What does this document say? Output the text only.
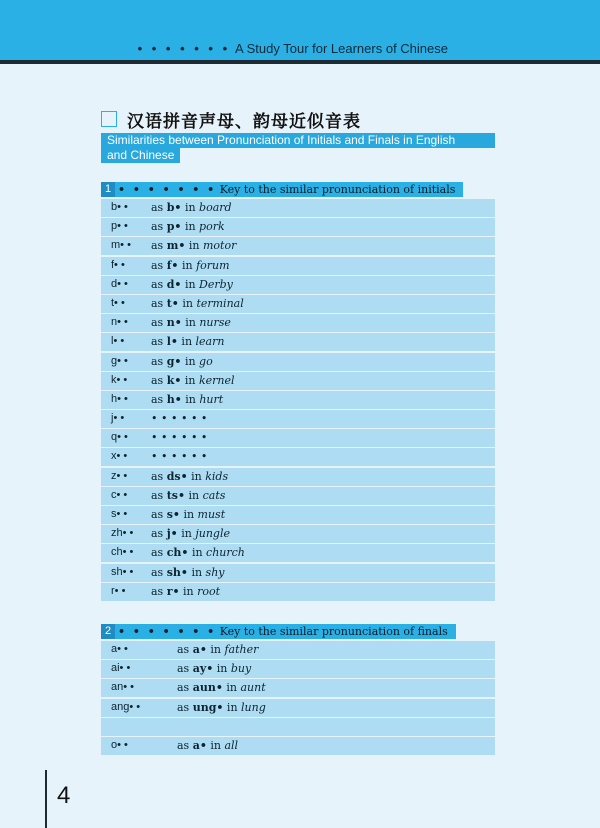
• • • • • • • A Study Tour for Learners of Chinese
汉语拼音声母、韵母近似音表
Similarities between Pronunciation of Initials and Finals in English
and Chinese
1 • • • • • • • Key to the similar pronunciation of initials
b• • as b• in board
p• • as p• in pork
m• • as m• in motor
f• • as f• in forum
d• • as d• in Derby
t• • as t• in terminal
n• • as n• in nurse
l• • as l• in learn
g• • as g• in go
k• • as k• in kernel
h• • as h• in hurt
j• • • • • • • •
q• • • • • • • •
x• • • • • • • •
z• • as ds• in kids
c• • as ts• in cats
s• • as s• in must
zh• • as j• in jungle
ch• • as ch• in church
sh• • as sh• in shy
r• • as r• in root
2 • • • • • • • Key to the similar pronunciation of finals
a• •	as a• in father
ai• •	as ay• in buy
an• •	as aun• in aunt
ang• •	as ung• in lung
o• •	as a• in all
4
